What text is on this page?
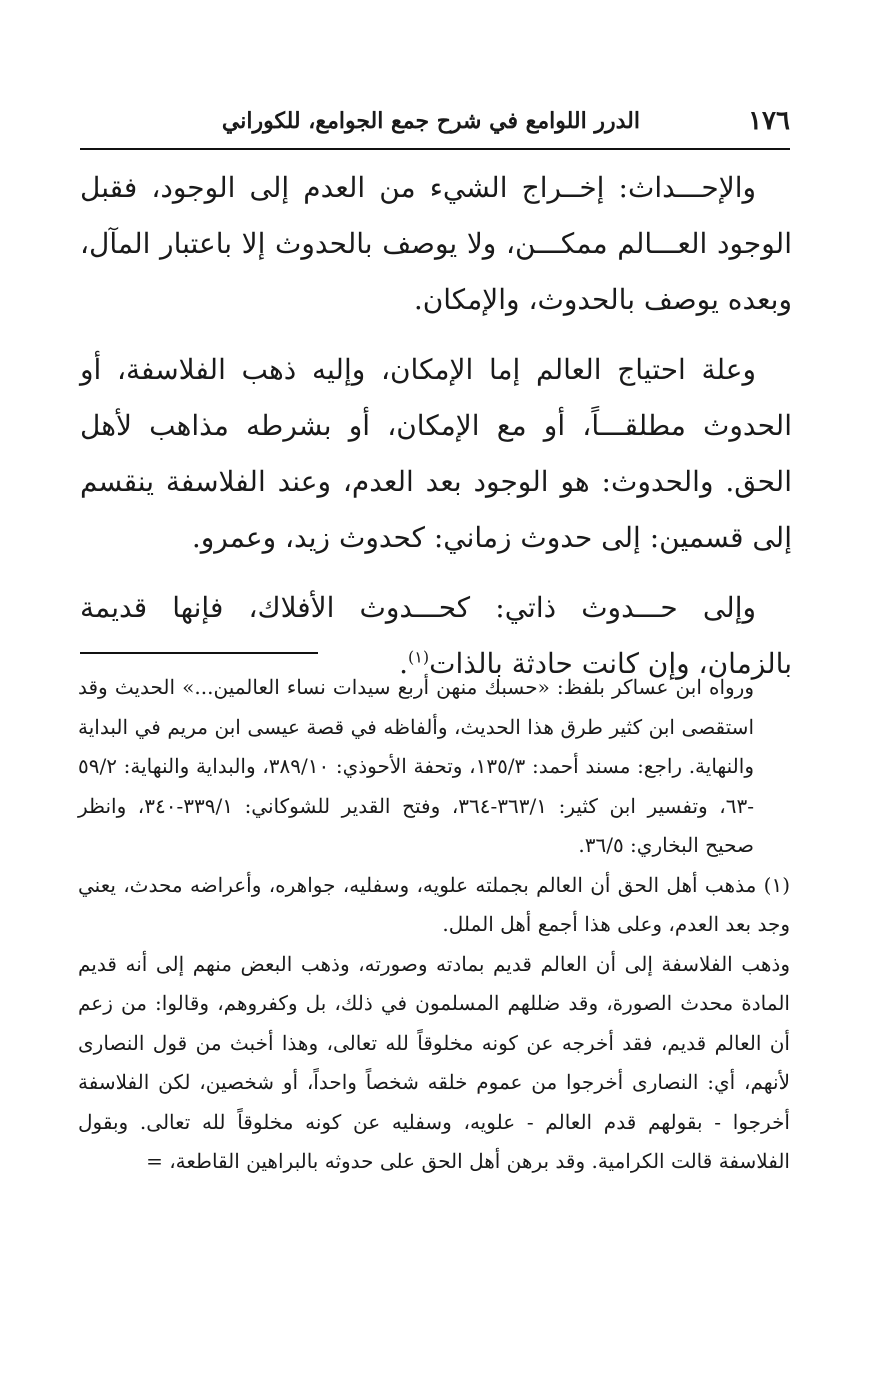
١٧٦
الدرر اللوامع في شرح جمع الجوامع، للكوراني

والإحـــداث: إخــراج الشيء من العدم إلى الوجود، فقبل الوجود العـــالم ممكـــن، ولا يوصف بالحدوث إلا باعتبار المآل، وبعده يوصف بالحدوث، والإمكان.

وعلة احتياج العالم إما الإمكان، وإليه ذهب الفلاسفة، أو الحدوث مطلقـــاً، أو مع الإمكان، أو بشرطه مذاهب لأهل الحق. والحدوث: هو الوجود بعد العدم، وعند الفلاسفة ينقسم إلى قسمين: إلى حدوث زماني: كحدوث زيد، وعمرو.

وإلى حـــدوث ذاتي: كحـــدوث الأفلاك، فإنها قديمة بالزمان، وإن كانت حادثة بالذات$^{(١)}$.

ورواه ابن عساكر بلفظ: «حسبك منهن أربع سيدات نساء العالمين...» الحديث وقد استقصى ابن كثير طرق هذا الحديث، وألفاظه في قصة عيسى ابن مريم في البداية والنهاية. راجع: مسند أحمد: ١٣٥/٣، وتحفة الأحوذي: ٣٨٩/١٠، والبداية والنهاية: ٥٩/٢ -٦٣، وتفسير ابن كثير: ٣٦٣/١-٣٦٤، وفتح القدير للشوكاني: ٣٣٩/١-٣٤٠، وانظر صحيح البخاري: ٣٦/٥.

(١) مذهب أهل الحق أن العالم بجملته علويه، وسفليه، جواهره، وأعراضه محدث، يعني وجد بعد العدم، وعلى هذا أجمع أهل الملل.

وذهب الفلاسفة إلى أن العالم قديم بمادته وصورته، وذهب البعض منهم إلى أنه قديم المادة محدث الصورة، وقد ضللهم المسلمون في ذلك، بل وكفروهم، وقالوا: من زعم أن العالم قديم، فقد أخرجه عن كونه مخلوقاً لله تعالى، وهذا أخبث من قول النصارى لأنهم، أي: النصارى أخرجوا من عموم خلقه شخصاً واحداً، أو شخصين، لكن الفلاسفة أخرجوا - بقولهم قدم العالم - علويه، وسفليه عن كونه مخلوقاً لله تعالى. وبقول الفلاسفة قالت الكرامية. وقد برهن أهل الحق على حدوثه بالبراهين القاطعة، =
